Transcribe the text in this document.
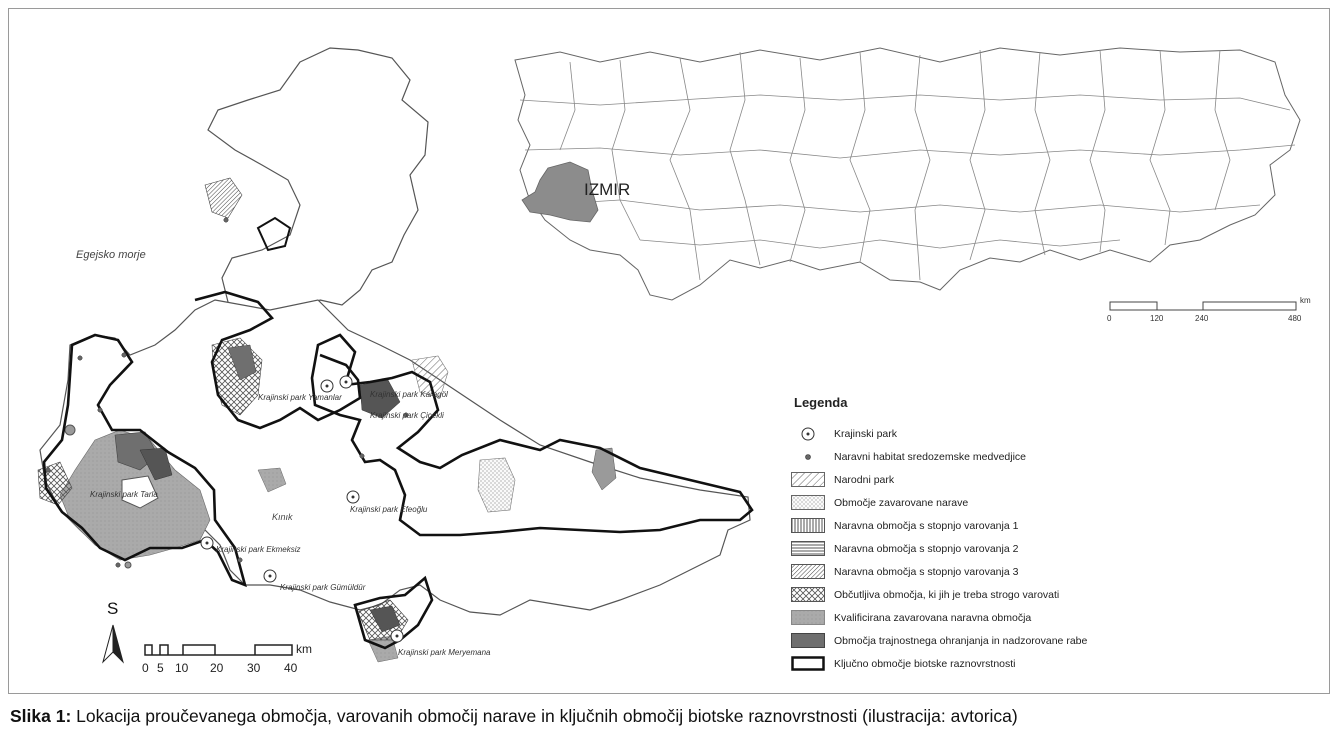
Egejsko morje
Kınık
Krajinski park Tarla
Krajinski park Yamanlar	Krajinski park Karagöl
Krajinski park Çiçekli
Krajinski park Efeoğlu
Krajinski park Ekmeksiz
Krajinski park Gümüldür
Krajinski park Meryemana
0 5 10 20 30 40
km
S
IZMIR
0	120	240	480
km
Legenda
Krajinski park
Naravni habitat sredozemske medvedjice
Narodni park
Območje zavarovane narave
Naravna območja s stopnjo varovanja 1
Naravna območja s stopnjo varovanja 2
Naravna območja s stopnjo varovanja 3
Občutljiva območja, ki jih je treba strogo varovati
Kvalificirana zavarovana naravna območja
Območja trajnostnega ohranjanja in nadzorovane rabe
Ključno območje biotske raznovrstnosti
Slika 1: Lokacija proučevanega območja, varovanih območij narave in ključnih območij biotske raznovrstnosti (ilustracija: avtorica)
